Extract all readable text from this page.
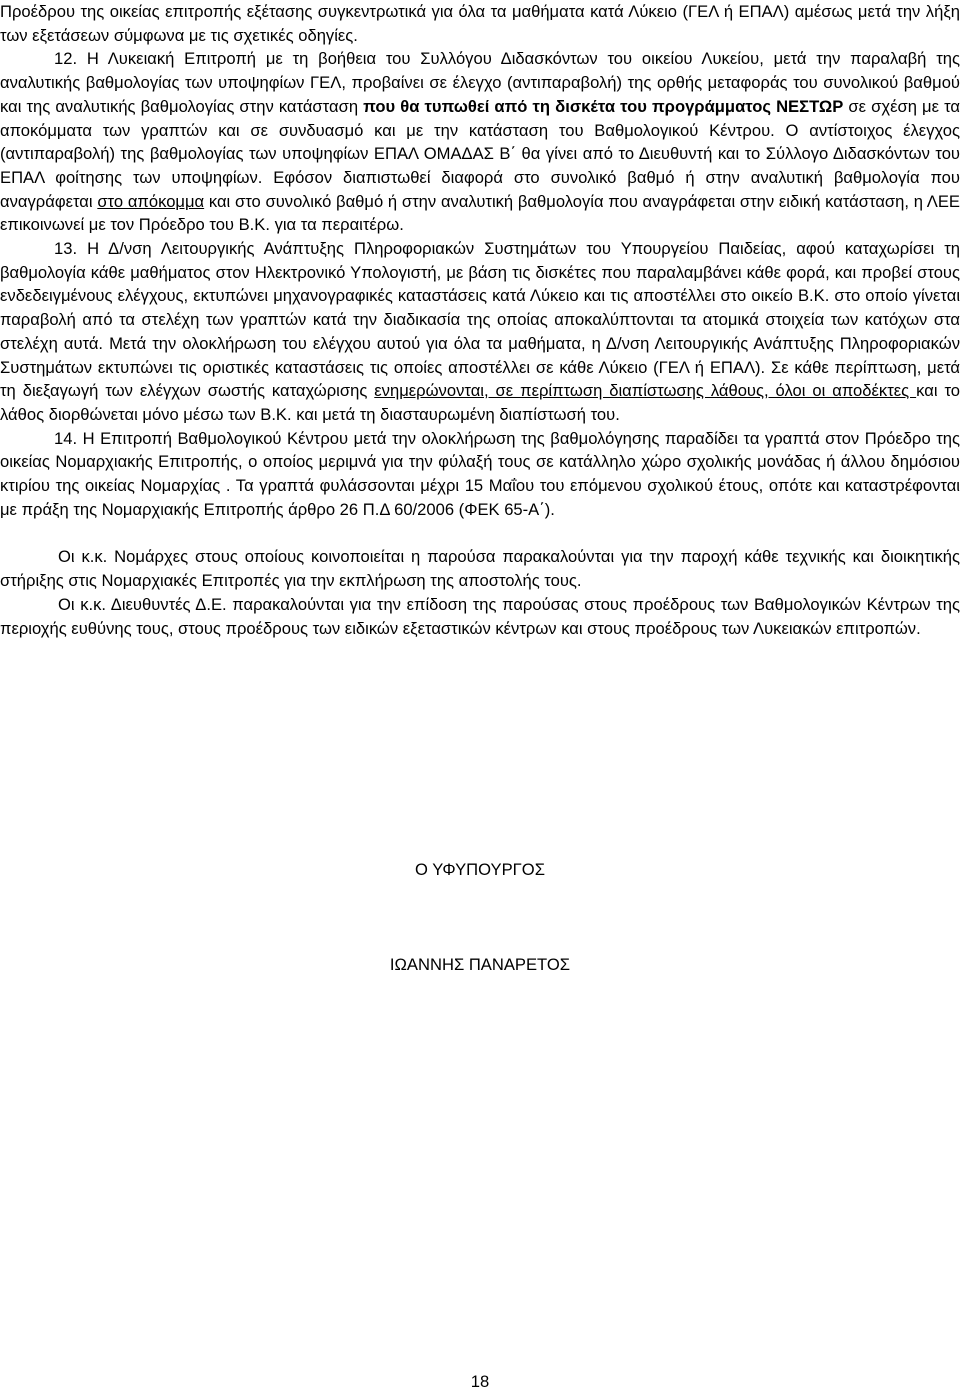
Προέδρου της οικείας επιτροπής εξέτασης συγκεντρωτικά για όλα τα μαθήματα κατά Λύκειο (ΓΕΛ ή ΕΠΑΛ) αμέσως μετά την λήξη των εξετάσεων σύμφωνα με τις σχετικές οδηγίες.

12. Η Λυκειακή Επιτροπή με τη βοήθεια του Συλλόγου Διδασκόντων του οικείου Λυκείου, μετά την παραλαβή της αναλυτικής βαθμολογίας των υποψηφίων ΓΕΛ, προβαίνει σε έλεγχο (αντιπαραβολή) της ορθής μεταφοράς του συνολικού βαθμού και της αναλυτικής βαθμολογίας στην κατάσταση που θα τυπωθεί από τη δισκέτα του προγράμματος ΝΕΣΤΩΡ σε σχέση με τα αποκόμματα των γραπτών και σε συνδυασμό και με την κατάσταση του Βαθμολογικού Κέντρου. Ο αντίστοιχος έλεγχος (αντιπαραβολή) της βαθμολογίας των υποψηφίων ΕΠΑΛ ΟΜΑΔΑΣ Β΄ θα γίνει από το Διευθυντή και το Σύλλογο Διδασκόντων του ΕΠΑΛ φοίτησης των υποψηφίων. Εφόσον διαπιστωθεί διαφορά στο συνολικό βαθμό ή στην αναλυτική βαθμολογία που αναγράφεται στο απόκομμα και στο συνολικό βαθμό ή στην αναλυτική βαθμολογία που αναγράφεται στην ειδική κατάσταση, η ΛΕΕ επικοινωνεί με τον Πρόεδρο του Β.Κ. για τα περαιτέρω.

13. Η Δ/νση Λειτουργικής Ανάπτυξης Πληροφοριακών Συστημάτων του Υπουργείου Παιδείας, αφού καταχωρίσει τη βαθμολογία κάθε μαθήματος στον Ηλεκτρονικό Υπολογιστή, με βάση τις δισκέτες που παραλαμβάνει κάθε φορά, και προβεί στους ενδεδειγμένους ελέγχους, εκτυπώνει μηχανογραφικές καταστάσεις κατά Λύκειο και τις αποστέλλει στο οικείο Β.Κ. στο οποίο γίνεται παραβολή από τα στελέχη των γραπτών κατά την διαδικασία της οποίας αποκαλύπτονται τα ατομικά στοιχεία των κατόχων στα στελέχη αυτά. Μετά την ολοκλήρωση του ελέγχου αυτού για όλα τα μαθήματα, η Δ/νση Λειτουργικής Ανάπτυξης Πληροφοριακών Συστημάτων εκτυπώνει τις οριστικές καταστάσεις τις οποίες αποστέλλει σε κάθε Λύκειο (ΓΕΛ ή ΕΠΑΛ). Σε κάθε περίπτωση, μετά τη διεξαγωγή των ελέγχων σωστής καταχώρισης ενημερώνονται, σε περίπτωση διαπίστωσης λάθους, όλοι οι αποδέκτες και το λάθος διορθώνεται μόνο μέσω των Β.Κ. και μετά τη διασταυρωμένη διαπίστωσή του.

14. Η Επιτροπή Βαθμολογικού Κέντρου μετά την ολοκλήρωση της βαθμολόγησης παραδίδει τα γραπτά στον Πρόεδρο της οικείας Νομαρχιακής Επιτροπής, ο οποίος μεριμνά για την φύλαξή τους σε κατάλληλο χώρο σχολικής μονάδας ή άλλου δημόσιου κτιρίου της οικείας Νομαρχίας . Τα γραπτά φυλάσσονται μέχρι 15 Μαΐου του επόμενου σχολικού έτους, οπότε και καταστρέφονται με πράξη της Νομαρχιακής Επιτροπής άρθρο 26 Π.Δ 60/2006 (ΦΕΚ 65-Α΄).

Οι κ.κ. Νομάρχες στους οποίους κοινοποιείται η παρούσα παρακαλούνται για την παροχή κάθε τεχνικής και διοικητικής στήριξης στις Νομαρχιακές Επιτροπές για την εκπλήρωση της αποστολής τους.

Οι κ.κ. Διευθυντές Δ.Ε. παρακαλούνται για την επίδοση της παρούσας στους προέδρους των Βαθμολογικών Κέντρων της περιοχής ευθύνης τους, στους προέδρους των ειδικών εξεταστικών κέντρων και στους προέδρους των Λυκειακών επιτροπών.

Ο ΥΦΥΠΟΥΡΓΟΣ
ΙΩΑΝΝΗΣ ΠΑΝΑΡΕΤΟΣ
18
